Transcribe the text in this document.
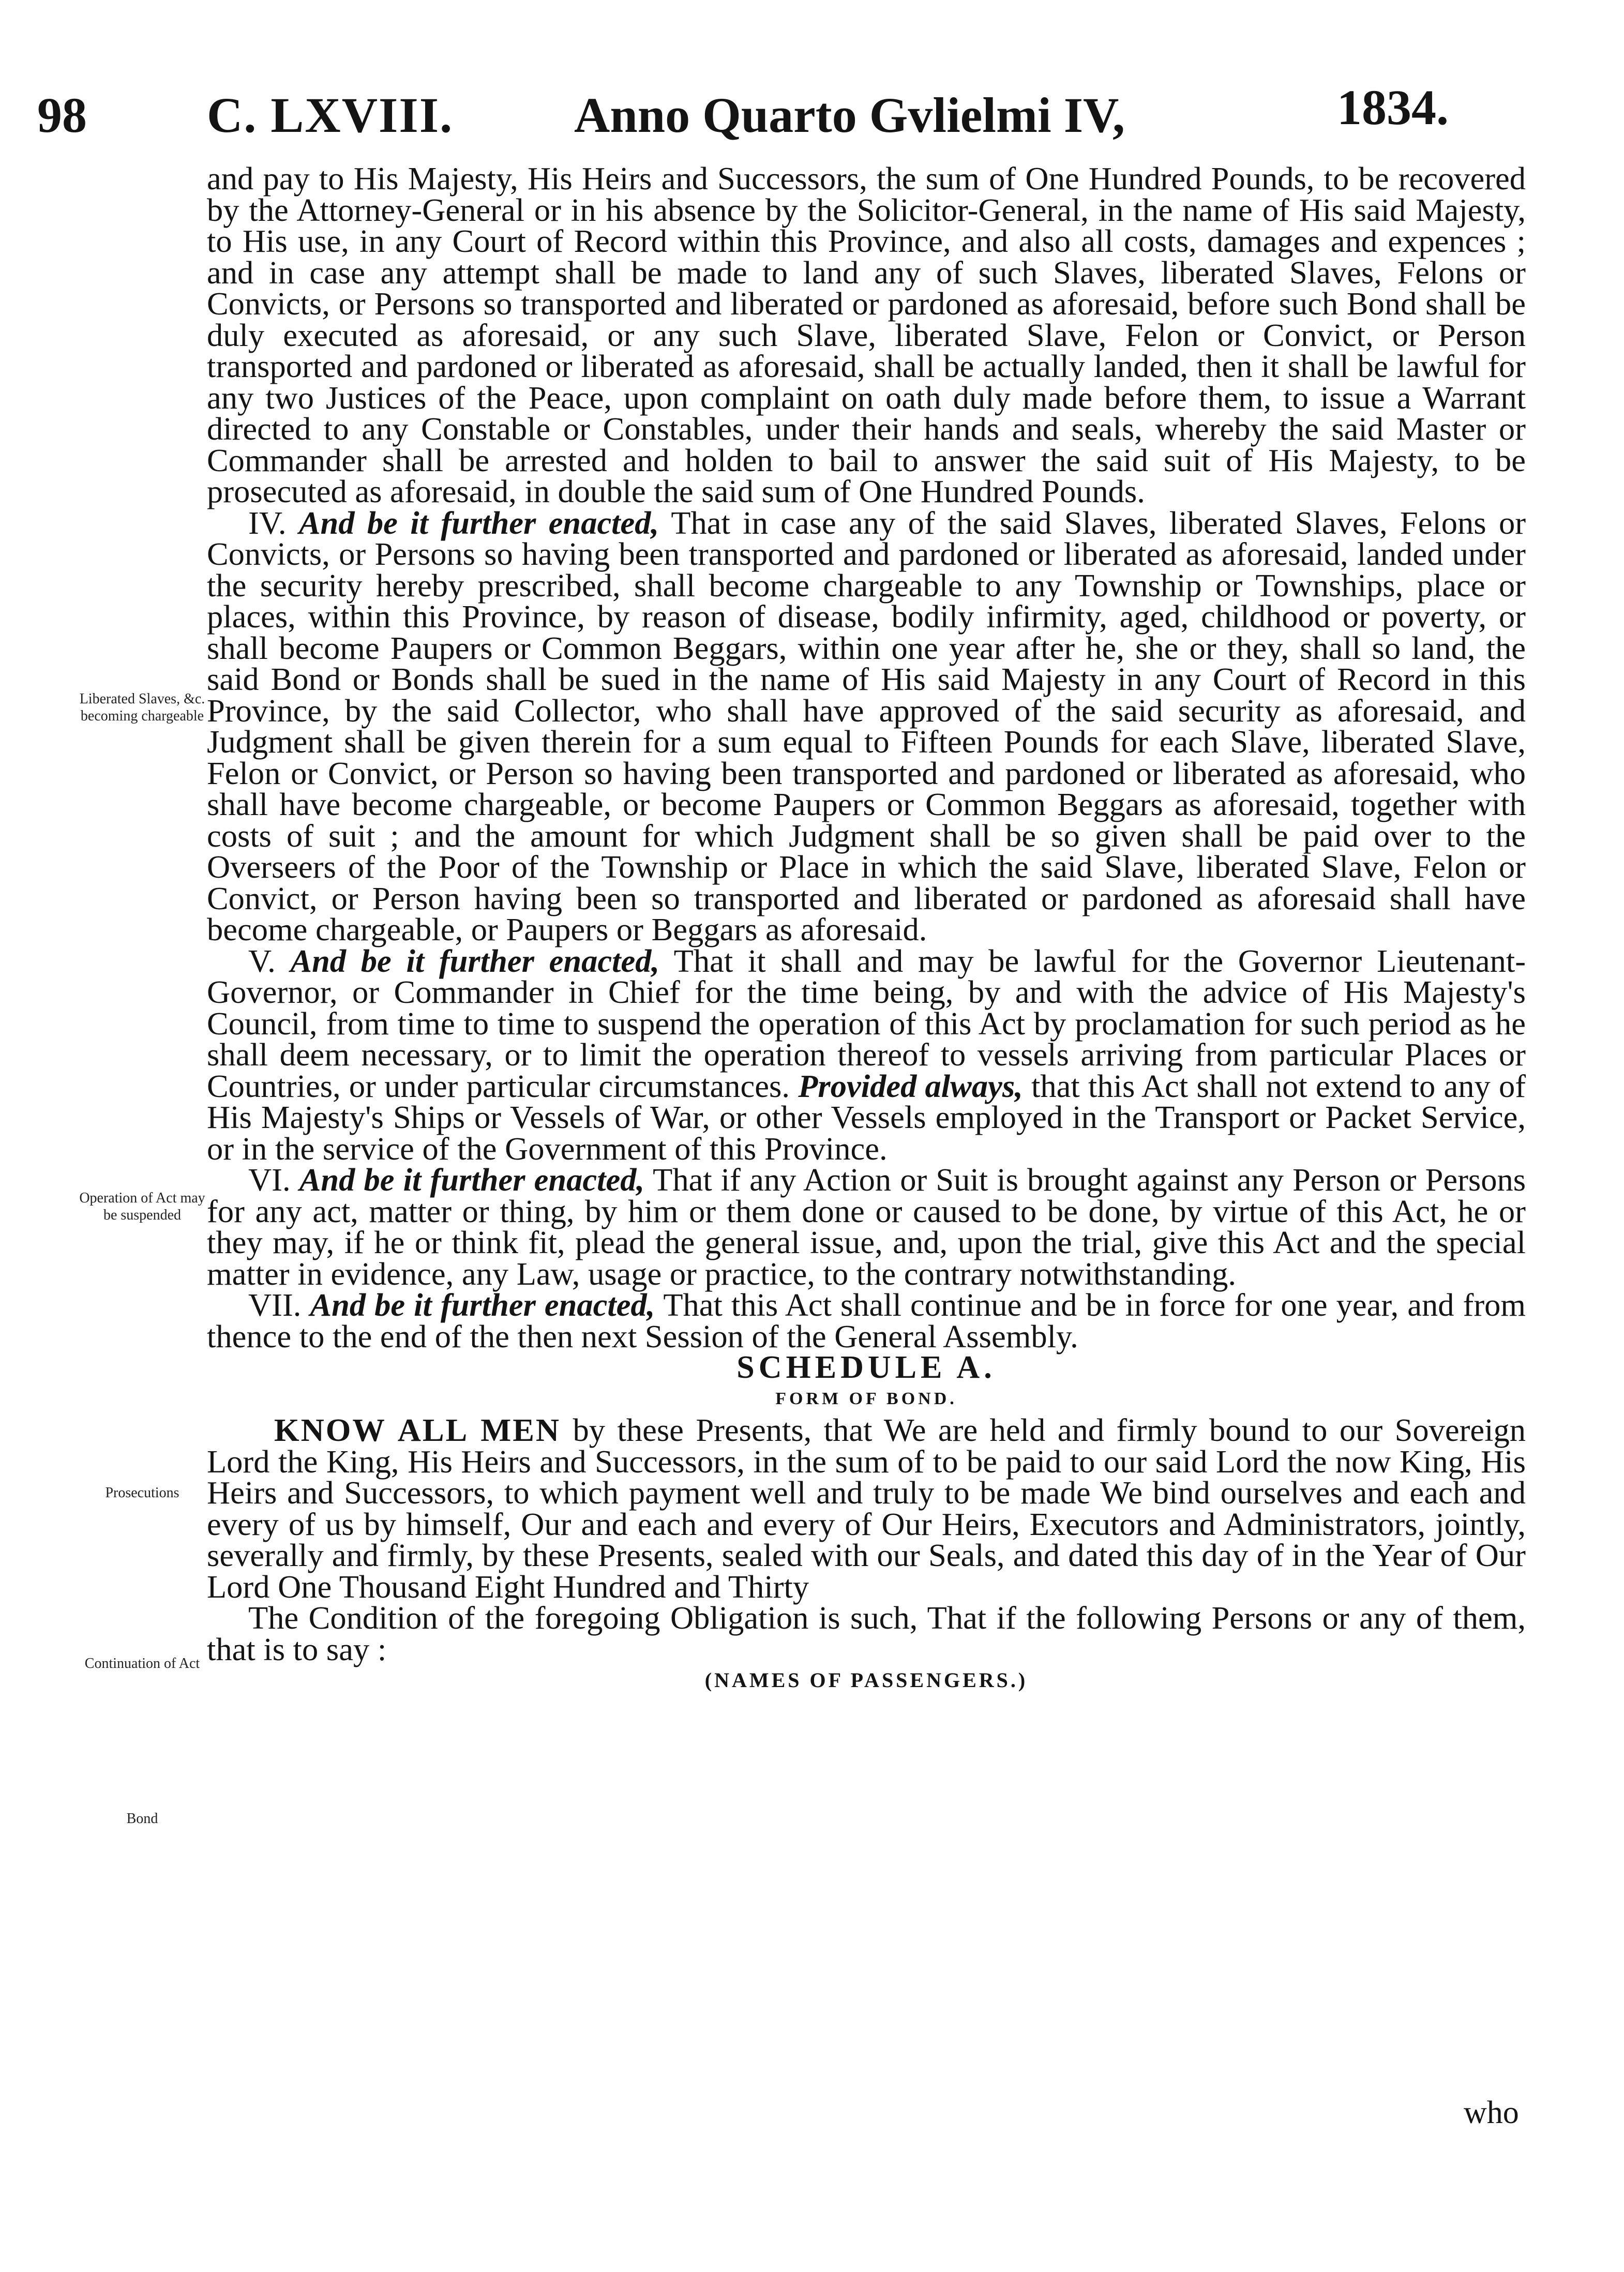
98 C. LXVIII. Anno Quarto Gvlielmi IV,	1834.
Liberated Slaves, &c. becoming chargeable
Operation of Act may be suspended
Prosecutions
Continuation of Act
Bond

and pay to His Majesty, His Heirs and Successors, the sum of One Hundred Pounds, to be recovered by the Attorney-General or in his absence by the Solicitor-General, in the name of His said Majesty, to His use, in any Court of Record within this Province, and also all costs, damages and expences ; and in case any attempt shall be made to land any of such Slaves, liberated Slaves, Felons or Convicts, or Persons so transported and liberated or pardoned as aforesaid, before such Bond shall be duly executed as aforesaid, or any such Slave, liberated Slave, Felon or Convict, or Person transported and pardoned or liberated as aforesaid, shall be actually landed, then it shall be lawful for any two Justices of the Peace, upon complaint on oath duly made before them, to issue a Warrant directed to any Constable or Constables, under their hands and seals, whereby the said Master or Commander shall be arrested and holden to bail to answer the said suit of His Majesty, to be prosecuted as aforesaid, in double the said sum of One Hundred Pounds.

IV. And be it further enacted, That in case any of the said Slaves, liberated Slaves, Felons or Convicts, or Persons so having been transported and pardoned or liberated as aforesaid, landed under the security hereby prescribed, shall become chargeable to any Township or Townships, place or places, within this Province, by reason of disease, bodily infirmity, aged, childhood or poverty, or shall become Paupers or Common Beggars, within one year after he, she or they, shall so land, the said Bond or Bonds shall be sued in the name of His said Majesty in any Court of Record in this Province, by the said Collector, who shall have approved of the said security as aforesaid, and Judgment shall be given therein for a sum equal to Fifteen Pounds for each Slave, liberated Slave, Felon or Convict, or Person so having been transported and pardoned or liberated as aforesaid, who shall have become chargeable, or become Paupers or Common Beggars as aforesaid, together with costs of suit ; and the amount for which Judgment shall be so given shall be paid over to the Overseers of the Poor of the Township or Place in which the said Slave, liberated Slave, Felon or Convict, or Person having been so transported and liberated or pardoned as aforesaid shall have become chargeable, or Paupers or Beggars as aforesaid.

V. And be it further enacted, That it shall and may be lawful for the Governor Lieutenant-Governor, or Commander in Chief for the time being, by and with the advice of His Majesty's Council, from time to time to suspend the operation of this Act by proclamation for such period as he shall deem necessary, or to limit the operation thereof to vessels arriving from particular Places or Countries, or under particular circumstances. Provided always, that this Act shall not extend to any of His Majesty's Ships or Vessels of War, or other Vessels employed in the Transport or Packet Service, or in the service of the Government of this Province.

VI. And be it further enacted, That if any Action or Suit is brought against any Person or Persons for any act, matter or thing, by him or them done or caused to be done, by virtue of this Act, he or they may, if he or think fit, plead the general issue, and, upon the trial, give this Act and the special matter in evidence, any Law, usage or practice, to the contrary notwithstanding.

VII. And be it further enacted, That this Act shall continue and be in force for one year, and from thence to the end of the then next Session of the General Assembly.

SCHEDULE A.

FORM OF BOND.

KNOW ALL MEN by these Presents, that We are held and firmly bound to our Sovereign Lord the King, His Heirs and Successors, in the sum of to be paid to our said Lord the now King, His Heirs and Successors, to which payment well and truly to be made We bind ourselves and each and every of us by himself, Our and each and every of Our Heirs, Executors and Administrators, jointly, severally and firmly, by these Presents, sealed with our Seals, and dated this day of in the Year of Our Lord One Thousand Eight Hundred and Thirty

The Condition of the foregoing Obligation is such, That if the following Persons or any of them, that is to say :

(NAMES OF PASSENGERS.)

who
